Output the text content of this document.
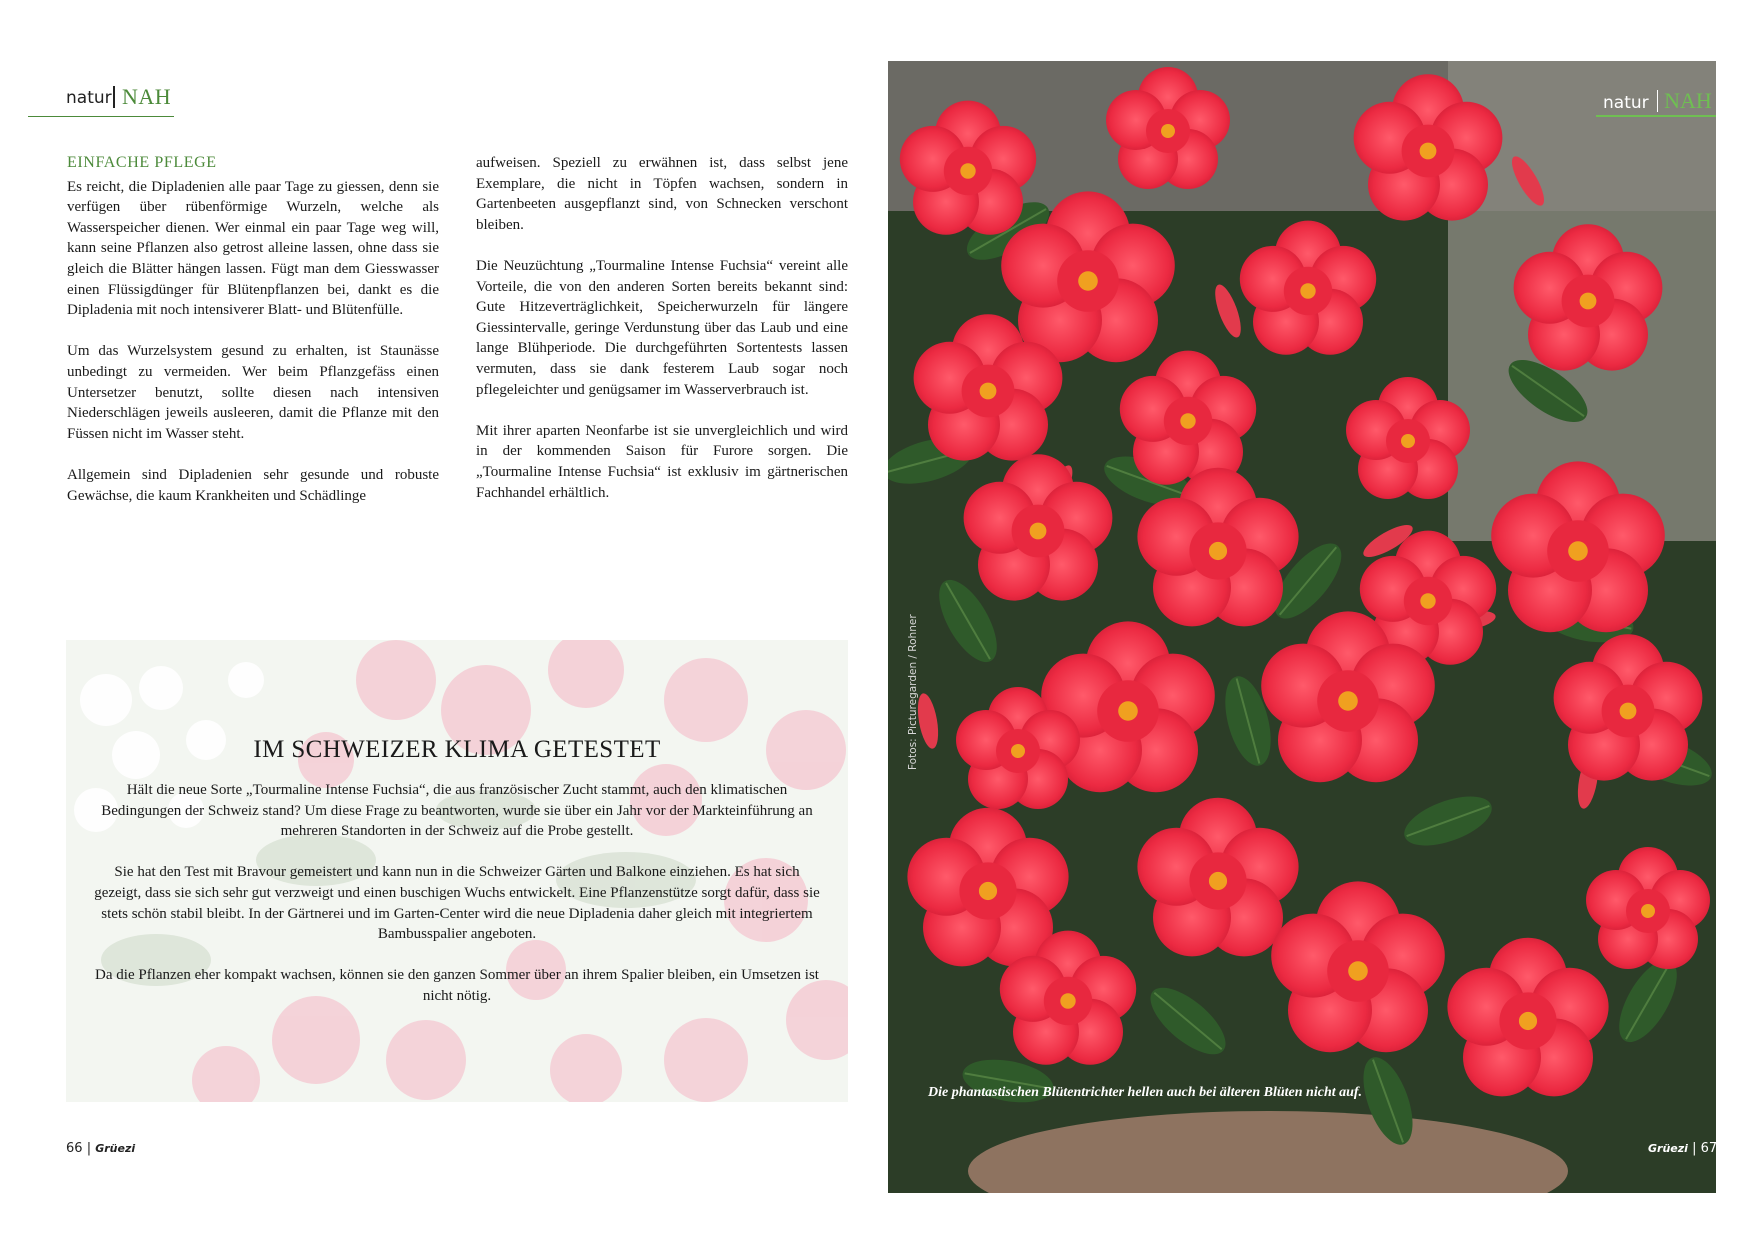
natur NAH
EINFACHE PFLEGE

Es reicht, die Dipladenien alle paar Tage zu giessen, denn sie verfügen über rübenförmige Wurzeln, welche als Wasserspeicher dienen. Wer einmal ein paar Tage weg will, kann seine Pflanzen also getrost alleine lassen, ohne dass sie gleich die Blätter hängen lassen. Fügt man dem Giesswasser einen Flüssigdünger für Blütenpflanzen bei, dankt es die Dipladenia mit noch intensiverer Blatt- und Blütenfülle.

Um das Wurzelsystem gesund zu erhalten, ist Staunässe unbedingt zu vermeiden. Wer beim Pflanzgefäss einen Untersetzer benutzt, sollte diesen nach intensiven Niederschlägen jeweils ausleeren, damit die Pflanze mit den Füssen nicht im Wasser steht.

Allgemein sind Dipladenien sehr gesunde und robuste Gewächse, die kaum Krankheiten und Schädlinge

aufweisen. Speziell zu erwähnen ist, dass selbst jene Exemplare, die nicht in Töpfen wachsen, sondern in Gartenbeeten ausgepflanzt sind, von Schnecken verschont bleiben.

Die Neuzüchtung „Tourmaline Intense Fuchsia“ vereint alle Vorteile, die von den anderen Sorten bereits bekannt sind: Gute Hitzeverträglichkeit, Speicherwurzeln für längere Giessintervalle, geringe Verdunstung über das Laub und eine lange Blühperiode. Die durchgeführten Sortentests lassen vermuten, dass sie dank festerem Laub sogar noch pflegeleichter und genügsamer im Wasserverbrauch ist.

Mit ihrer aparten Neonfarbe ist sie unvergleichlich und wird in der kommenden Saison für Furore sorgen. Die „Tourmaline Intense Fuchsia“ ist exklusiv im gärtnerischen Fachhandel erhältlich.

IM SCHWEIZER KLIMA GETESTET

Hält die neue Sorte „Tourmaline Intense Fuchsia“, die aus französischer Zucht stammt, auch den klimatischen Bedingungen der Schweiz stand? Um diese Frage zu beantworten, wurde sie über ein Jahr vor der Markteinführung an mehreren Standorten in der Schweiz auf die Probe gestellt.

Sie hat den Test mit Bravour gemeistert und kann nun in die Schweizer Gärten und Balkone einziehen. Es hat sich gezeigt, dass sie sich sehr gut verzweigt und einen buschigen Wuchs entwickelt. Eine Pflanzenstütze sorgt dafür, dass sie stets schön stabil bleibt. In der Gärtnerei und im Garten-Center wird die neue Dipladenia daher gleich mit integriertem Bambusspalier angeboten.

Da die Pflanzen eher kompakt wachsen, können sie den ganzen Sommer über an ihrem Spalier bleiben, ein Umsetzen ist nicht nötig.

66 | Grüezi
natur NAH
Fotos: Picturegarden / Rohner
Die phantastischen Blütentrichter hellen auch bei älteren Blüten nicht auf.
Grüezi | 67
